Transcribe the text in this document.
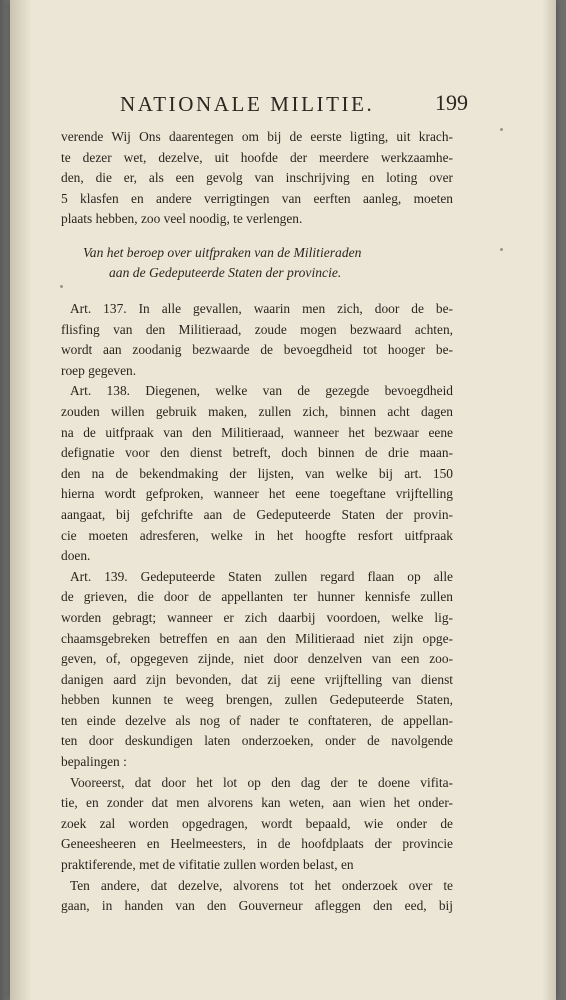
NATIONALE MILITIE.	199
verende Wij Ons daarentegen om bij de eerste ligting, uit krach-
te dezer wet, dezelve, uit hoofde der meerdere werkzaamhe-
den, die er, als een gevolg van inschrijving en loting over
5 klasfen en andere verrigtingen van eerften aanleg, moeten
plaats hebben, zoo veel noodig, te verlengen.
Van het beroep over uitfpraken van de Militieraden
aan de Gedeputeerde Staten der provincie.
Art. 137. In alle gevallen, waarin men zich, door de be-
flisfing van den Militieraad, zoude mogen bezwaard achten,
wordt aan zoodanig bezwaarde de bevoegdheid tot hooger be-
roep gegeven.
Art. 138. Diegenen, welke van de gezegde bevoegdheid
zouden willen gebruik maken, zullen zich, binnen acht dagen
na de uitfpraak van den Militieraad, wanneer het bezwaar eene
defignatie voor den dienst betreft, doch binnen de drie maan-
den na de bekendmaking der lijsten, van welke bij art. 150
hierna wordt gefproken, wanneer het eene toegeftane vrijftelling
aangaat, bij gefchrifte aan de Gedeputeerde Staten der provin-
cie moeten adresferen, welke in het hoogfte resfort uitfpraak
doen.
Art. 139. Gedeputeerde Staten zullen regard flaan op alle
de grieven, die door de appellanten ter hunner kennisfe zullen
worden gebragt; wanneer er zich daarbij voordoen, welke lig-
chaamsgebreken betreffen en aan den Militieraad niet zijn opge-
geven, of, opgegeven zijnde, niet door denzelven van een zoo-
danigen aard zijn bevonden, dat zij eene vrijftelling van dienst
hebben kunnen te weeg brengen, zullen Gedeputeerde Staten,
ten einde dezelve als nog of nader te conftateren, de appellan-
ten door deskundigen laten onderzoeken, onder de navolgende
bepalingen :
Vooreerst, dat door het lot op den dag der te doene vifita-
tie, en zonder dat men alvorens kan weten, aan wien het onder-
zoek zal worden opgedragen, wordt bepaald, wie onder de
Geneesheeren en Heelmeesters, in de hoofdplaats der provincie
praktiferende, met de vifitatie zullen worden belast, en
Ten andere, dat dezelve, alvorens tot het onderzoek over te
gaan, in handen van den Gouverneur afleggen den eed, bij
